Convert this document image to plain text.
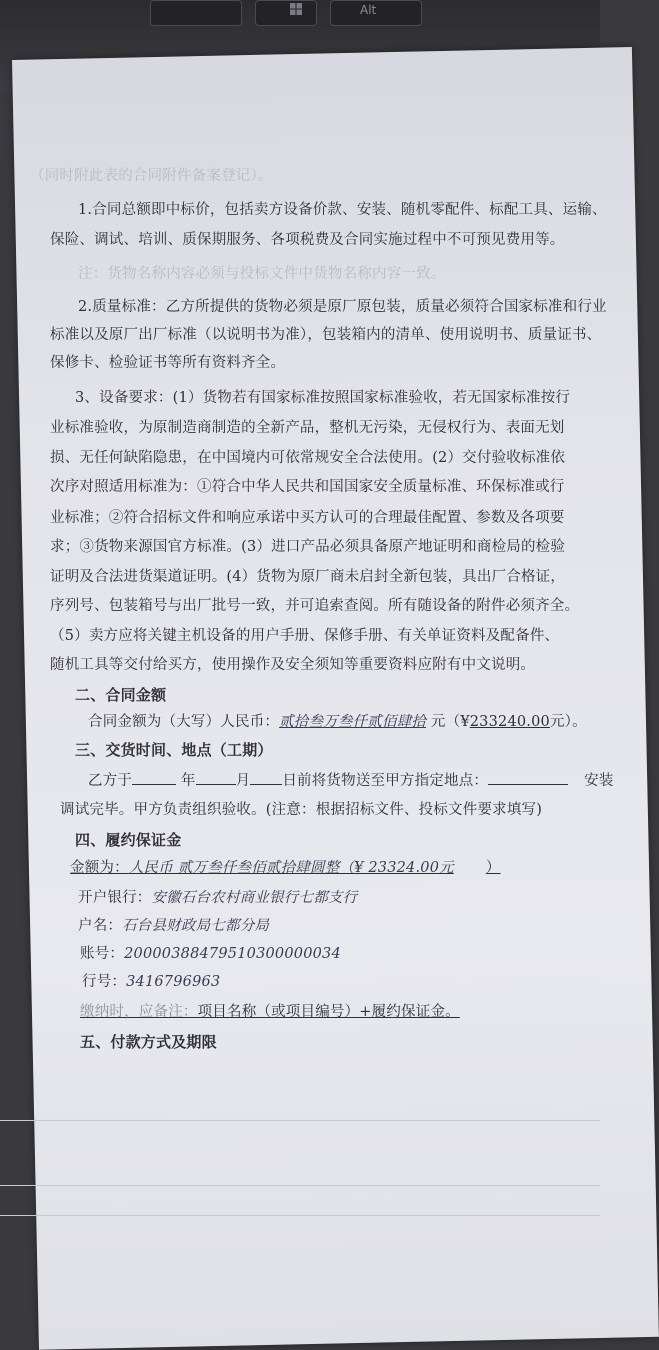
Alt
（同时附此表的合同附件备案登记）。
1.合同总额即中标价，包括卖方设备价款、安装、随机零配件、标配工具、运输、
保险、调试、培训、质保期服务、各项税费及合同实施过程中不可预见费用等。
注：货物名称内容必须与投标文件中货物名称内容一致。
2.质量标准：乙方所提供的货物必须是原厂原包装，质量必须符合国家标准和行业
标准以及原厂出厂标准（以说明书为准），包装箱内的清单、使用说明书、质量证书、
保修卡、检验证书等所有资料齐全。
3、设备要求：(1）货物若有国家标准按照国家标准验收，若无国家标准按行
业标准验收，为原制造商制造的全新产品，整机无污染，无侵权行为、表面无划
损、无任何缺陷隐患，在中国境内可依常规安全合法使用。(2）交付验收标准依
次序对照适用标准为：①符合中华人民共和国国家安全质量标准、环保标准或行
业标准；②符合招标文件和响应承诺中买方认可的合理最佳配置、参数及各项要
求；③货物来源国官方标准。(3）进口产品必须具备原产地证明和商检局的检验
证明及合法进货渠道证明。(4）货物为原厂商未启封全新包装，具出厂合格证，
序列号、包装箱号与出厂批号一致，并可追索查阅。所有随设备的附件必须齐全。
（5）卖方应将关键主机设备的用户手册、保修手册、有关单证资料及配备件、
随机工具等交付给买方，使用操作及安全须知等重要资料应附有中文说明。
二、合同金额
合同金额为（大写）人民币：贰拾叁万叁仟贰佰肆拾 元（¥233240.00元）。
三、交货时间、地点（工期）
乙方于	年	月 日前将货物送至甲方指定地点：	安装
调试完毕。甲方负责组织验收。(注意：根据招标文件、投标文件要求填写)
四、履约保证金
金额为：人民币 贰万叁仟叁佰贰拾肆圆整（¥ 23324.00元 ）
开户银行：安徽石台农村商业银行七都支行
户名：石台县财政局七都分局
账号：20000388479510300000034
行号：3416796963
缴纳时，应备注：项目名称（或项目编号）+履约保证金。
五、付款方式及期限
